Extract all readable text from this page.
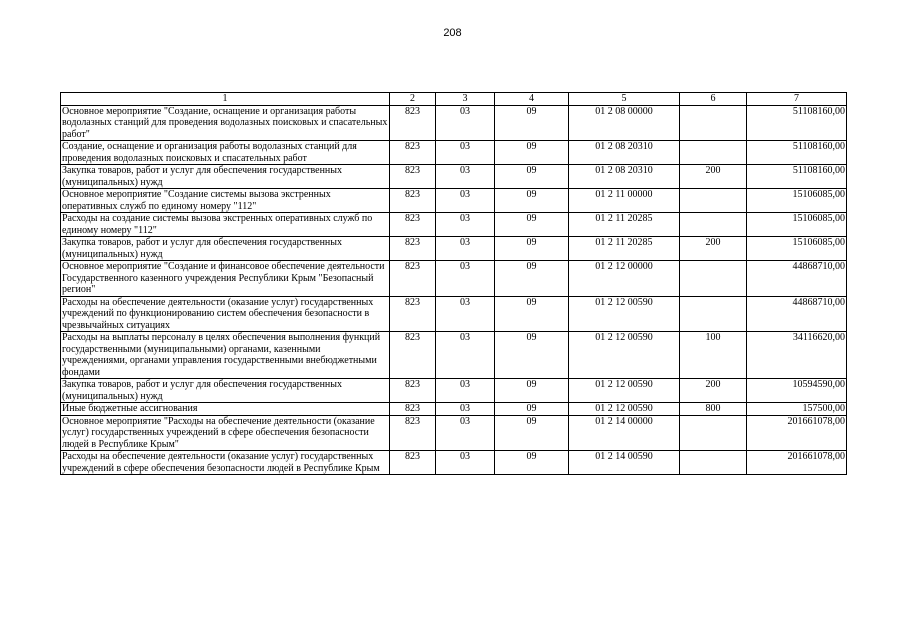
208
1	2	3	4	5	6	7
Основное мероприятие "Создание, оснащение и организация работы водолазных станций для проведения водолазных поисковых и спасательных работ"	823	03	09	01 2 08 00000		51108160,00
Создание, оснащение и организация работы водолазных станций для проведения водолазных поисковых и спасательных работ	823	03	09	01 2 08 20310		51108160,00
Закупка товаров, работ и услуг для обеспечения государственных (муниципальных) нужд	823	03	09	01 2 08 20310	200	51108160,00
Основное мероприятие "Создание системы вызова экстренных оперативных служб по единому номеру "112"	823	03	09	01 2 11 00000		15106085,00
Расходы на создание системы вызова экстренных оперативных служб по единому номеру "112"	823	03	09	01 2 11 20285		15106085,00
Закупка товаров, работ и услуг для обеспечения государственных (муниципальных) нужд	823	03	09	01 2 11 20285	200	15106085,00
Основное мероприятие "Создание и финансовое обеспечение деятельности Государственного казенного учреждения Республики Крым "Безопасный регион"	823	03	09	01 2 12 00000		44868710,00
Расходы на обеспечение деятельности (оказание услуг) государственных учреждений по функционированию систем обеспечения безопасности в чрезвычайных ситуациях	823	03	09	01 2 12 00590		44868710,00
Расходы на выплаты персоналу в целях обеспечения выполнения функций государственными (муниципальными) органами, казенными учреждениями, органами управления государственными внебюджетными фондами	823	03	09	01 2 12 00590	100	34116620,00
Закупка товаров, работ и услуг для обеспечения государственных (муниципальных) нужд	823	03	09	01 2 12 00590	200	10594590,00
Иные бюджетные ассигнования	823	03	09	01 2 12 00590	800	157500,00
Основное мероприятие "Расходы на обеспечение деятельности (оказание услуг) государственных учреждений в сфере обеспечения безопасности людей в Республике Крым"	823	03	09	01 2 14 00000		201661078,00
Расходы на обеспечение деятельности (оказание услуг) государственных учреждений в сфере обеспечения безопасности людей в Республике Крым	823	03	09	01 2 14 00590		201661078,00
